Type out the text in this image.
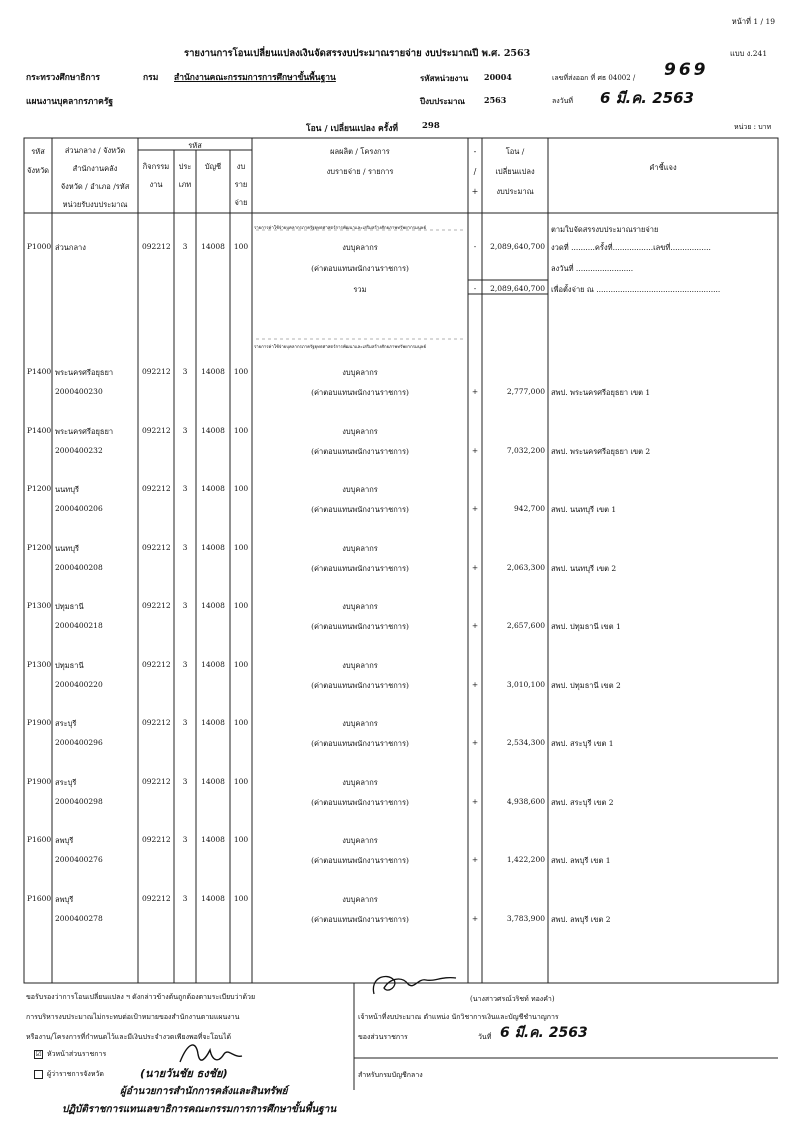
หน้าที่ 1 / 19
แบบ ง.241
รายงานการโอนเปลี่ยนแปลงเงินจัดสรรงบประมาณรายจ่าย งบประมาณปี พ.ศ. 2563
กระทรวงศึกษาธิการ	กรม สำนักงานคณะกรรมการการศึกษาขั้นพื้นฐาน
แผนงานบุคลากรภาครัฐ
รหัสหน่วยงาน 20004
ปีงบประมาณ 2563
เลขที่ส่งออก ที่ ศธ 04002 / 969
ลงวันที่ 6 มี.ค. 2563
โอน / เปลี่ยนแปลง ครั้งที่	298	หน่วย : บาท
รหัส
จังหวัด
ส่วนกลาง / จังหวัด
สำนักงานคลัง
จังหวัด / อำเภอ /รหัส
หน่วยรับงบประมาณ
รหัส
กิจกรรม
งาน
ประ
เภท
บัญชี	งบ
ราย
จ่าย
ผลผลิต / โครงการ
งบรายจ่าย / รายการ
-
/
+
โอน /
เปลี่ยนแปลง
งบประมาณ
คำชี้แจง
รายการค่าใช้จ่ายบุคลากรภาครัฐยุทธศาสตร์การพัฒนาและเสริมสร้างศักยภาพทรัพยากรมนุษย์
P1000 ส่วนกลาง	092212	3	14008	100	งบบุคลากร
(ค่าตอบแทนพนักงานราชการ)
-	2,089,640,700
รวม	-	2,089,640,700
ตามใบจัดสรรงบประมาณรายจ่าย
งวดที่ ..........ครั้งที่.................เลขที่.................
ลงวันที่ ........................
เพื่อตั้งจ่าย ณ ....................................................
รายการค่าใช้จ่ายบุคลากรภาครัฐยุทธศาสตร์การพัฒนาและเสริมสร้างศักยภาพทรัพยากรมนุษย์
P1400 พระนครศรีอยุธยา	092212	3	14008	100	งบบุคลากร
2000400230	(ค่าตอบแทนพนักงานราชการ)	+	2,777,000 สพป. พระนครศรีอยุธยา เขต 1
P1400 พระนครศรีอยุธยา	092212	3	14008	100	งบบุคลากร
2000400232	(ค่าตอบแทนพนักงานราชการ)	+	7,032,200 สพป. พระนครศรีอยุธยา เขต 2
P1200 นนทบุรี	092212	3	14008	100	งบบุคลากร
2000400206	(ค่าตอบแทนพนักงานราชการ)	+	942,700 สพป. นนทบุรี เขต 1
P1200 นนทบุรี	092212	3	14008	100	งบบุคลากร
2000400208	(ค่าตอบแทนพนักงานราชการ)	+	2,063,300 สพป. นนทบุรี เขต 2
P1300 ปทุมธานี	092212	3	14008	100	งบบุคลากร
2000400218	(ค่าตอบแทนพนักงานราชการ)	+	2,657,600 สพป. ปทุมธานี เขต 1
P1300 ปทุมธานี	092212	3	14008	100	งบบุคลากร
2000400220	(ค่าตอบแทนพนักงานราชการ)	+	3,010,100 สพป. ปทุมธานี เขต 2
P1900 สระบุรี	092212	3	14008	100	งบบุคลากร
2000400296	(ค่าตอบแทนพนักงานราชการ)	+	2,534,300 สพป. สระบุรี เขต 1
P1900 สระบุรี	092212	3	14008	100	งบบุคลากร
2000400298	(ค่าตอบแทนพนักงานราชการ)	+	4,938,600 สพป. สระบุรี เขต 2
P1600 ลพบุรี	092212	3	14008	100	งบบุคลากร
2000400276	(ค่าตอบแทนพนักงานราชการ)	+	1,422,200 สพป. ลพบุรี เขต 1
P1600 ลพบุรี	092212	3	14008	100	งบบุคลากร
2000400278	(ค่าตอบแทนพนักงานราชการ)	+	3,783,900 สพป. ลพบุรี เขต 2
ขอรับรองว่าการโอนเปลี่ยนแปลง ฯ ดังกล่าวข้างต้นถูกต้องตามระเบียบว่าด้วย
การบริหารงบประมาณไม่กระทบต่อเป้าหมายของสำนักงานตามแผนงาน
หรืองาน/โครงการที่กำหนดไว้และมีเงินประจำงวดเพียงพอที่จะโอนได้
☑ หัวหน้าส่วนราชการ
ผู้ว่าราชการจังหวัด	(นายวันชัย ธงชัย)
ผู้อำนวยการสำนักการคลังและสินทรัพย์
ปฏิบัติราชการแทนเลขาธิการคณะกรรมการการศึกษาขั้นพื้นฐาน
(นางสาวศรณ์วริชท์ ทองคำ)
เจ้าหน้าที่งบประมาณ ตำแหน่ง นักวิชาการเงินและบัญชีชำนาญการ
ของส่วนราชการ	วันที่ 6 มี.ค. 2563
สำหรับกรมบัญชีกลาง
